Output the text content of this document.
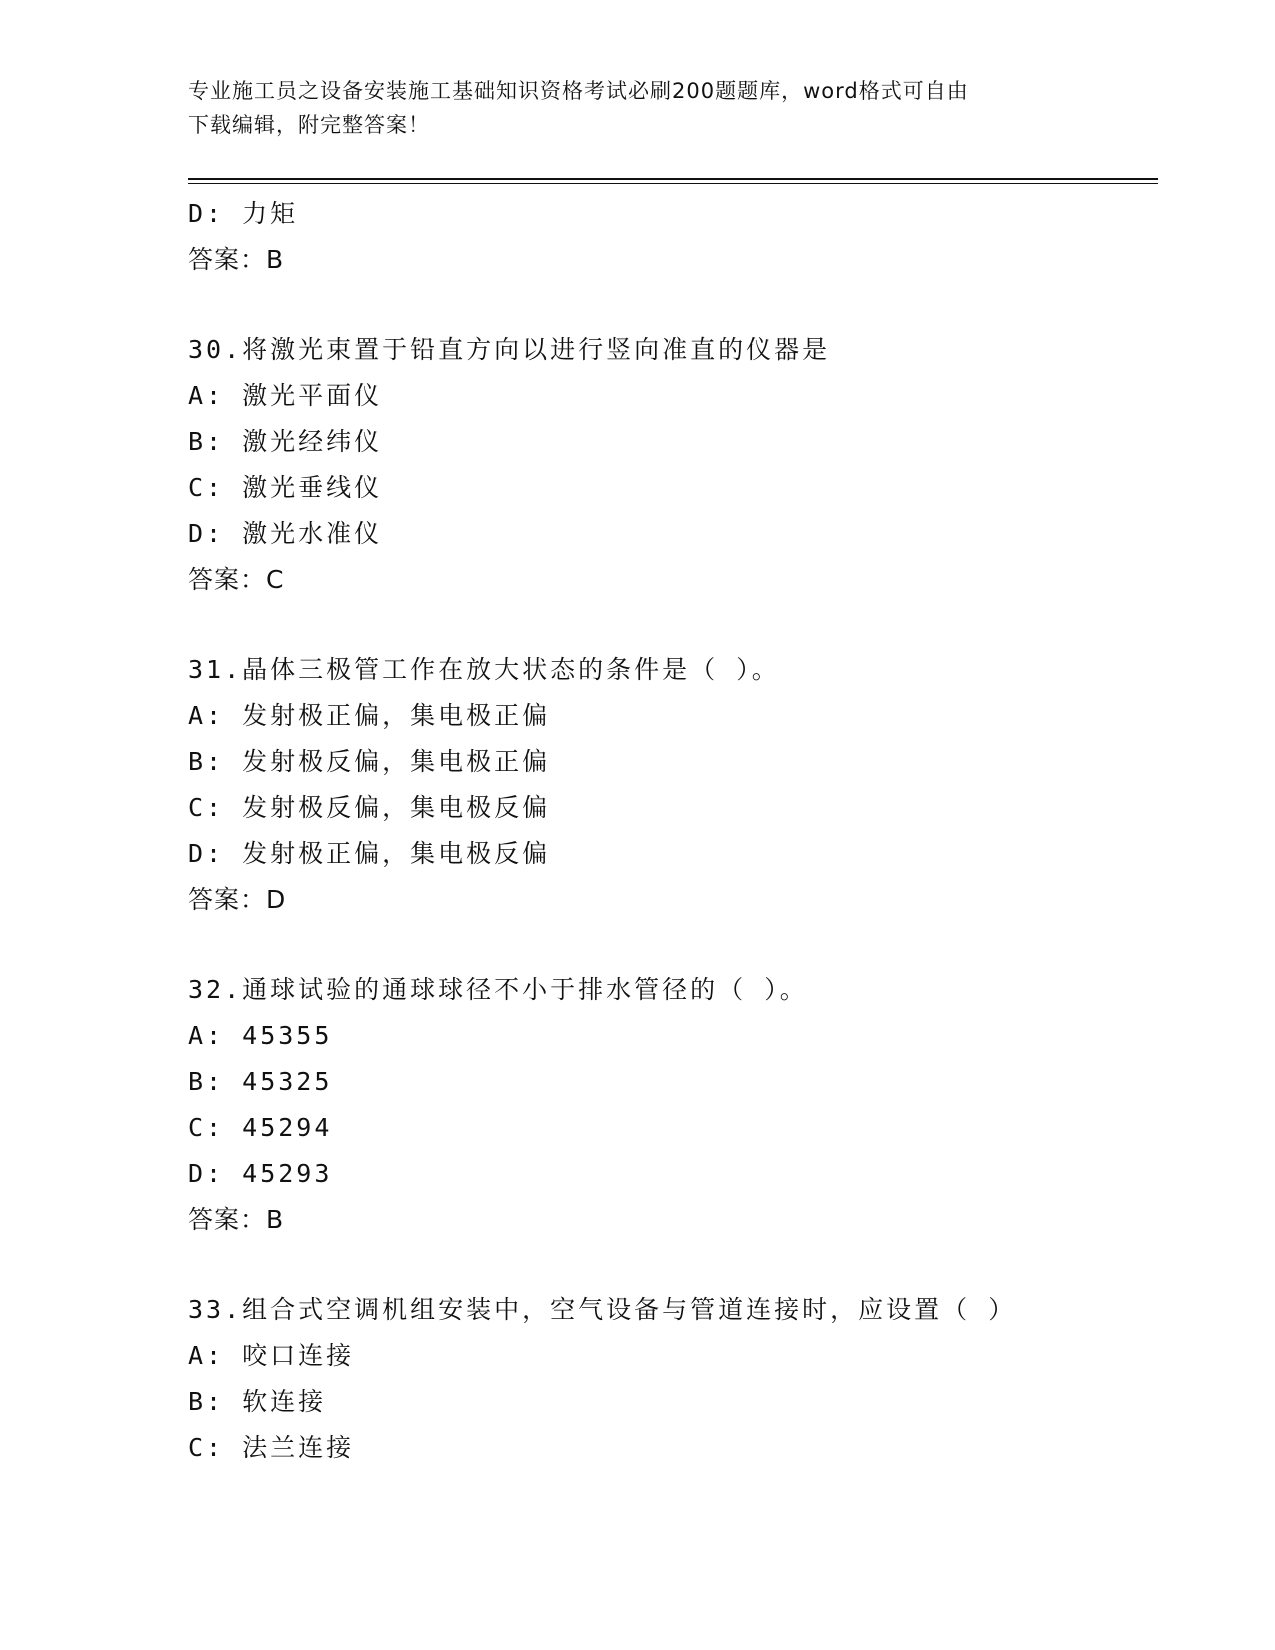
专业施工员之设备安装施工基础知识资格考试必刷200题题库，word格式可自由
下载编辑，附完整答案！
D: 力矩
答案：B
30.将激光束置于铅直方向以进行竖向准直的仪器是
A: 激光平面仪
B: 激光经纬仪
C: 激光垂线仪
D: 激光水准仪
答案：C
31.晶体三极管工作在放大状态的条件是（ ）。
A: 发射极正偏，集电极正偏
B: 发射极反偏，集电极正偏
C: 发射极反偏，集电极反偏
D: 发射极正偏，集电极反偏
答案：D
32.通球试验的通球球径不小于排水管径的（ ）。
A: 45355
B: 45325
C: 45294
D: 45293
答案：B
33.组合式空调机组安装中，空气设备与管道连接时，应设置（ ）
A: 咬口连接
B: 软连接
C: 法兰连接
